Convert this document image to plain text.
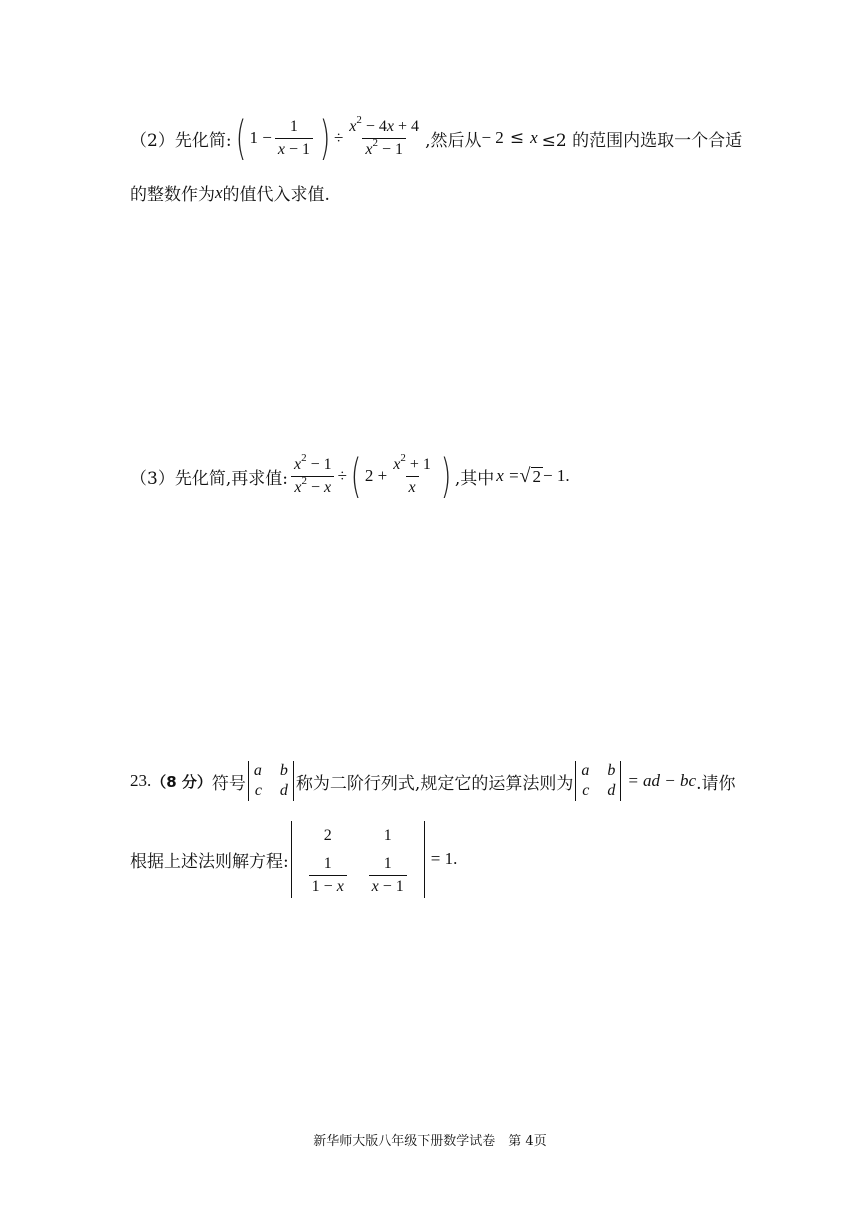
（2）先化简: ( $1 - \frac{1}{x - 1}$ ) ÷ $\frac{x^2 - 4x + 4}{x^2 - 1}$ ,然后从 − 2 ≤ x ≤2 的范围内选取一个合适
的整数作为 x 的值代入求值.
（3）先化简,再求值: $\frac{x^2 - 1}{x^2 - x}$ ÷ ( $2 + \frac{x^2 + 1}{x}$ ) ,其中 x = √ 2 − 1.
23. （8 分） 符号
a b
c d 称为二阶行列式,规定它的运算法则为
a b
c d
= ad − bc .请你
根据上述法则解方程:
2	1
$\frac{1}{1 - x} \frac{1}{x - 1} = 1$.
新华师大版八年级下册数学试卷　第 4页
